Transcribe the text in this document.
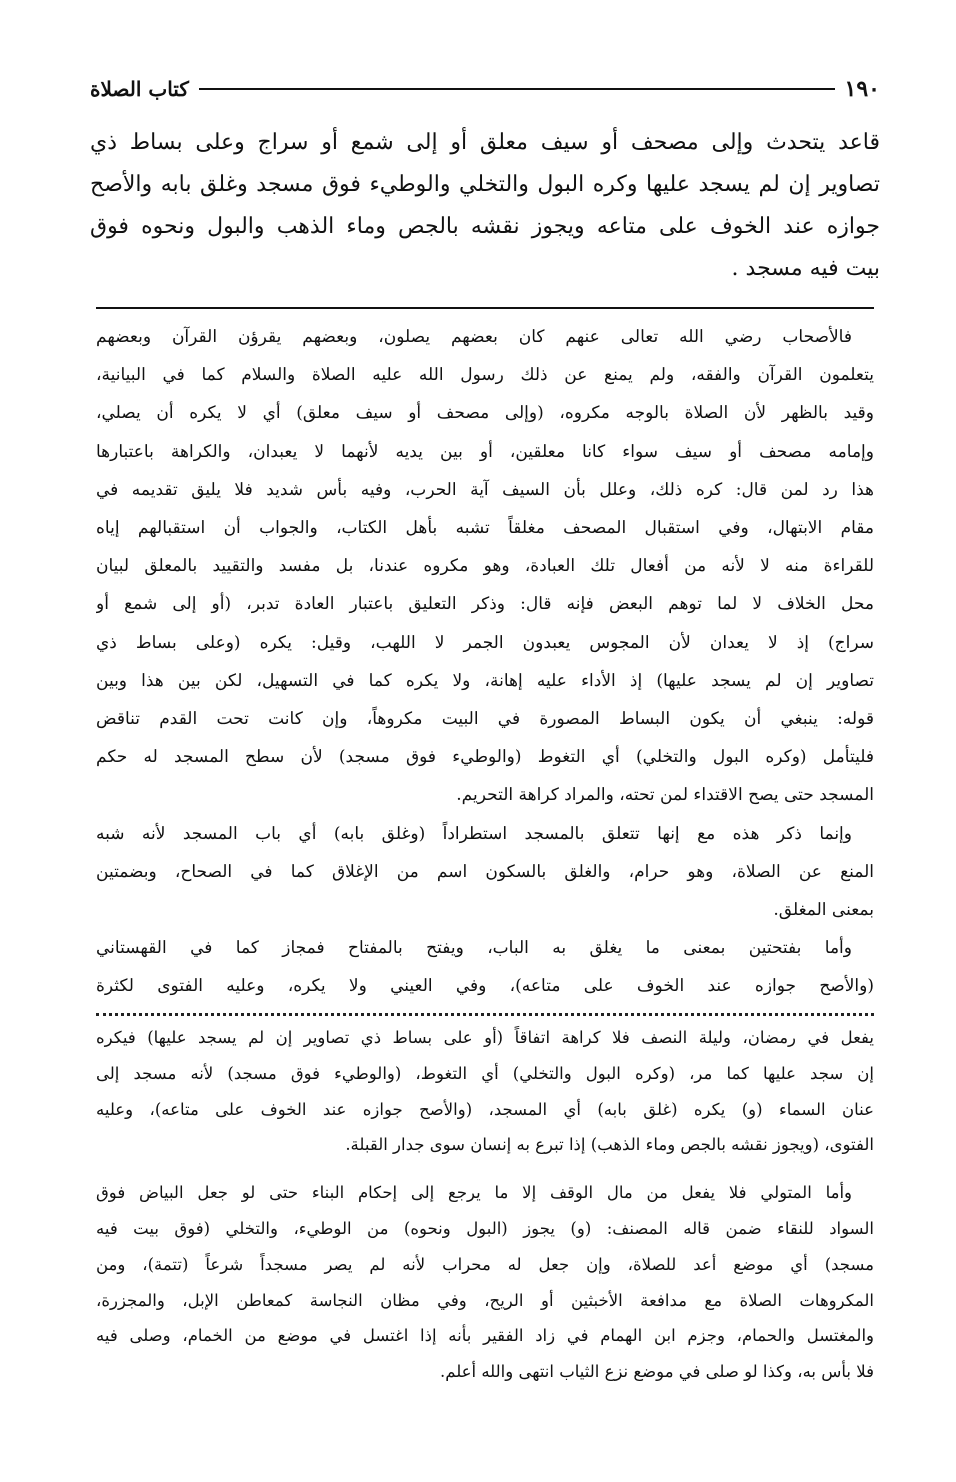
١٩٠
كتاب الصلاة
قاعد يتحدث وإلى مصحف أو سيف معلق أو إلى شمع أو سراج وعلى بساط ذي
تصاوير إن لم يسجد عليها وكره البول والتخلي والوطيء فوق مسجد وغلق بابه والأصح
جوازه عند الخوف على متاعه ويجوز نقشه بالجص وماء الذهب والبول ونحوه فوق
بيت فيه مسجد .
فالأصحاب رضي الله تعالى عنهم كان بعضهم يصلون، وبعضهم يقرؤن القرآن وبعضهم
يتعلمون القرآن والفقه، ولم يمنع عن ذلك رسول الله عليه الصلاة والسلام كما في البيانية،
وقيد بالظهر لأن الصلاة بالوجه مكروه، (وإلى مصحف أو سيف معلق) أي لا يكره أن يصلي،
وإمامه مصحف أو سيف سواء كانا معلقين، أو بين يديه لأنهما لا يعبدان، والكراهة باعتبارها
هذا رد لمن قال: كره ذلك، وعلل بأن السيف آية الحرب، وفيه بأس شديد فلا يليق تقديمه في
مقام الابتهال، وفي استقبال المصحف مغلقاً تشبه بأهل الكتاب، والجواب أن استقبالهم إياه
للقراءة منه لا لأنه من أفعال تلك العبادة، وهو مكروه عندنا، بل مفسد والتقييد بالمعلق لبيان
محل الخلاف لا لما توهم البعض فإنه قال: وذكر التعليق باعتبار العادة تدبر، (أو إلى شمع أو
سراج) إذ لا يعدان لأن المجوس يعبدون الجمر لا اللهب، وقيل: يكره (وعلى بساط ذي
تصاوير إن لم يسجد عليها) إذ الأداء عليه إهانة، ولا يكره كما في التسهيل، لكن بين هذا وبين
قوله: ينبغي أن يكون البساط المصورة في البيت مكروهاً، وإن كانت تحت القدم تناقض
فليتأمل (وكره البول والتخلي) أي التغوط (والوطيء فوق مسجد) لأن سطح المسجد له حكم
المسجد حتى يصح الاقتداء لمن تحته، والمراد كراهة التحريم.
وإنما ذكر هذه مع إنها تتعلق بالمسجد استطراداً (وغلق بابه) أي باب المسجد لأنه شبه
المنع عن الصلاة، وهو حرام، والغلق بالسكون اسم من الإغلاق كما في الصحاح، وبضمتين
بمعنى المغلق.
وأما بفتحتين بمعنى ما يغلق به الباب، ويفتح بالمفتاح فمجاز كما في القهستاني
(والأصح جوازه عند الخوف على متاعه)، وفي العيني ولا يكره، وعليه الفتوى لكثرة
يفعل في رمضان، وليلة النصف فلا كراهة اتفاقاً (أو على بساط ذي تصاوير إن لم يسجد عليها) فيكره
إن سجد عليها كما مر، (وكره البول والتخلي) أي التغوط، (والوطيء فوق مسجد) لأنه مسجد إلى
عنان السماء (و) يكره (غلق بابه) أي المسجد، (والأصح جوازه عند الخوف على متاعه)، وعليه
الفتوى، (ويجوز نقشه بالجص وماء الذهب) إذا تبرع به إنسان سوى جدار القبلة.
وأما المتولي فلا يفعل من مال الوقف إلا ما يرجع إلى إحكام البناء حتى لو جعل البياض فوق
السواد للنقاء ضمن قاله المصنف: (و) يجوز (البول ونحوه) من الوطيء، والتخلي (فوق بيت فيه
مسجد) أي موضع أعد للصلاة، وإن جعل له محراب لأنه لم يصر مسجداً شرعاً (تتمة)، ومن
المكروهات الصلاة مع مدافعة الأخبثين أو الريح، وفي مظان النجاسة كمعاطن الإبل، والمجزرة،
والمغتسل والحمام، وجزم ابن الهمام في زاد الفقير بأنه إذا اغتسل في موضع من الخمام، وصلى فيه
فلا بأس به، وكذا لو صلى في موضع نزع الثياب انتهى والله أعلم.
